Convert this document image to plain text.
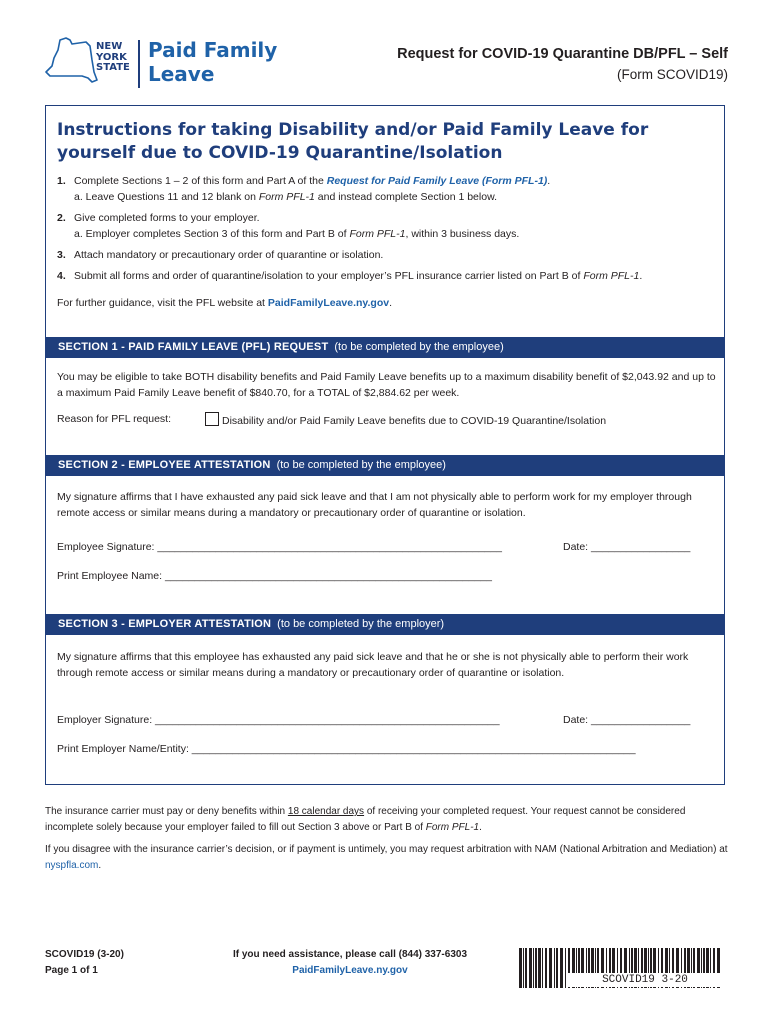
NEW
YORK
STATE
Paid Family
Leave
Request for COVID-19 Quarantine DB/PFL – Self
(Form SCOVID19)
Instructions for taking Disability and/or Paid Family Leave for yourself due to COVID-19 Quarantine/Isolation
1. Complete Sections 1 – 2 of this form and Part A of the Request for Paid Family Leave (Form PFL-1).
a. Leave Questions 11 and 12 blank on Form PFL-1 and instead complete Section 1 below.
2. Give completed forms to your employer.
a. Employer completes Section 3 of this form and Part B of Form PFL-1, within 3 business days.
3. Attach mandatory or precautionary order of quarantine or isolation.
4. Submit all forms and order of quarantine/isolation to your employer’s PFL insurance carrier listed on Part B of Form PFL-1.
For further guidance, visit the PFL website at PaidFamilyLeave.ny.gov.
SECTION 1 - PAID FAMILY LEAVE (PFL) REQUEST (to be completed by the employee)
You may be eligible to take BOTH disability benefits and Paid Family Leave benefits up to a maximum disability benefit of $2,043.92 and up to a maximum Paid Family Leave benefit of $840.70, for a TOTAL of $2,884.62 per week.
Reason for PFL request:	Disability and/or Paid Family Leave benefits due to COVID-19 Quarantine/Isolation
SECTION 2 - EMPLOYEE ATTESTATION (to be completed by the employee)
My signature affirms that I have exhausted any paid sick leave and that I am not physically able to perform work for my employer through remote access or similar means during a mandatory or precautionary order of quarantine or isolation.
Employee Signature: ___________________________________________________________	Date: _________________
Print Employee Name: ________________________________________________________
SECTION 3 - EMPLOYER ATTESTATION (to be completed by the employer)
My signature affirms that this employee has exhausted any paid sick leave and that he or she is not physically able to perform their work through remote access or similar means during a mandatory or precautionary order of quarantine or isolation.
Employer Signature: ___________________________________________________________	Date: _________________
Print Employer Name/Entity: ____________________________________________________________________________
The insurance carrier must pay or deny benefits within 18 calendar days of receiving your completed request. Your request cannot be considered incomplete solely because your employer failed to fill out Section 3 above or Part B of Form PFL-1.
If you disagree with the insurance carrier’s decision, or if payment is untimely, you may request arbitration with NAM (National Arbitration and Mediation) at nyspfla.com.
SCOVID19 (3-20)
Page 1 of 1
If you need assistance, please call (844) 337-6303
PaidFamilyLeave.ny.gov
SCOVID19 3-20
